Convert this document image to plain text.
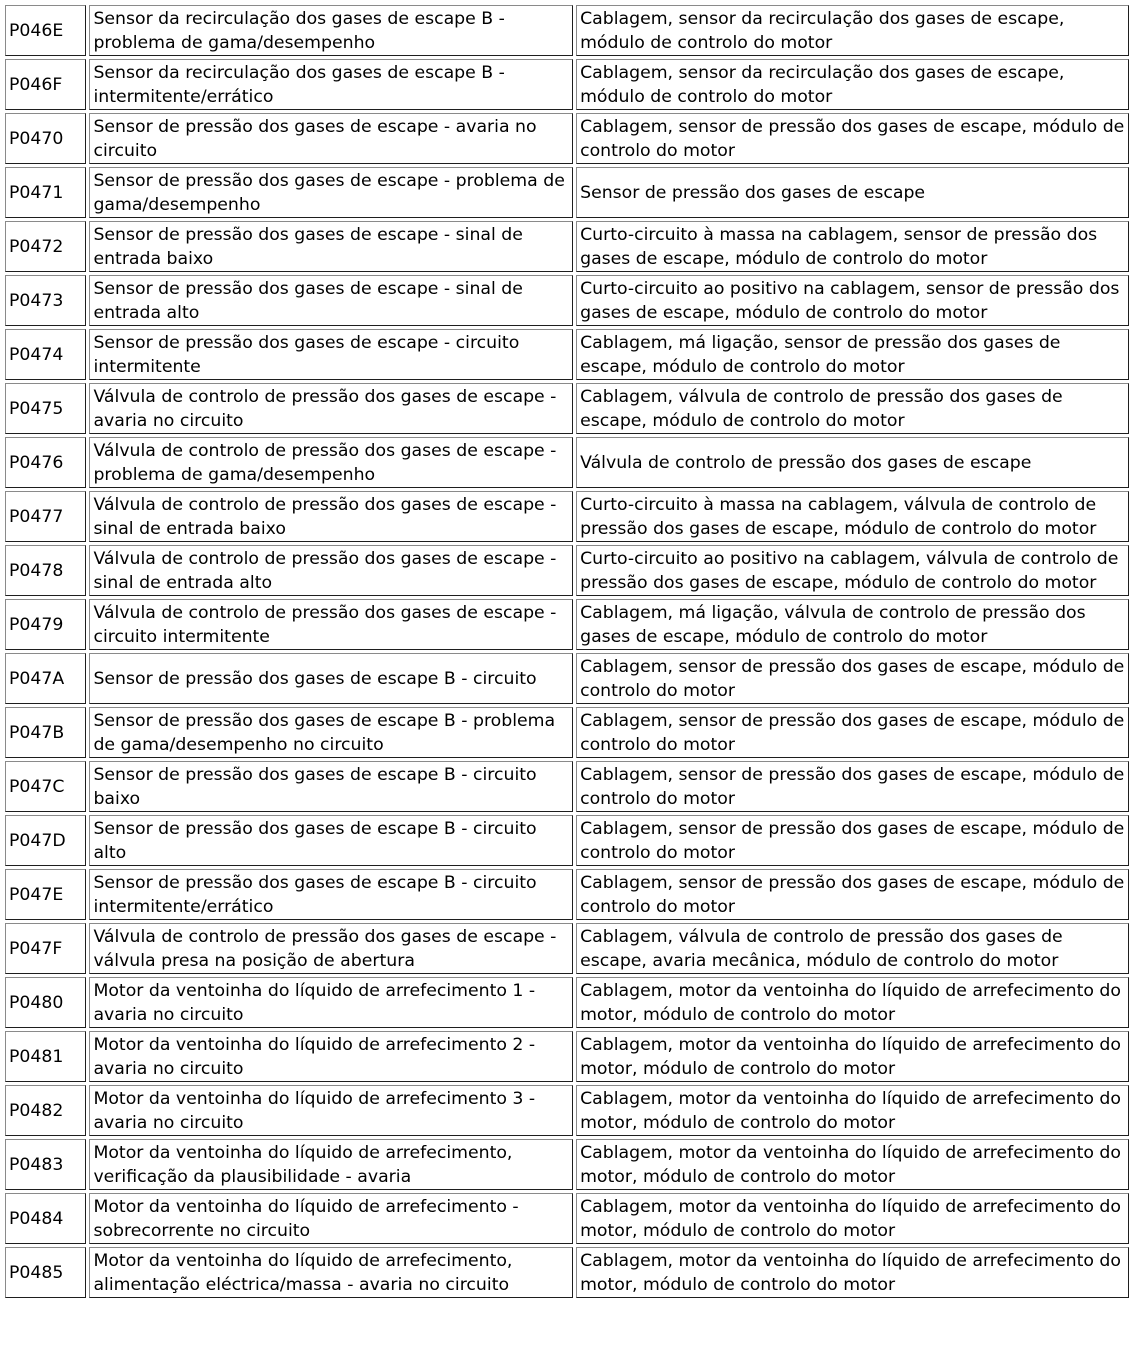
P046E	Sensor da recirculação dos gases de escape B - problema de gama/desempenho	Cablagem, sensor da recirculação dos gases de escape, módulo de controlo do motor
P046F	Sensor da recirculação dos gases de escape B - intermitente/errático	Cablagem, sensor da recirculação dos gases de escape, módulo de controlo do motor
P0470	Sensor de pressão dos gases de escape - avaria no circuito	Cablagem, sensor de pressão dos gases de escape, módulo de controlo do motor
P0471	Sensor de pressão dos gases de escape - problema de gama/desempenho	Sensor de pressão dos gases de escape
P0472	Sensor de pressão dos gases de escape - sinal de entrada baixo	Curto-circuito à massa na cablagem, sensor de pressão dos gases de escape, módulo de controlo do motor
P0473	Sensor de pressão dos gases de escape - sinal de entrada alto	Curto-circuito ao positivo na cablagem, sensor de pressão dos gases de escape, módulo de controlo do motor
P0474	Sensor de pressão dos gases de escape - circuito intermitente	Cablagem, má ligação, sensor de pressão dos gases de escape, módulo de controlo do motor
P0475	Válvula de controlo de pressão dos gases de escape - avaria no circuito	Cablagem, válvula de controlo de pressão dos gases de escape, módulo de controlo do motor
P0476	Válvula de controlo de pressão dos gases de escape - problema de gama/desempenho	Válvula de controlo de pressão dos gases de escape
P0477	Válvula de controlo de pressão dos gases de escape - sinal de entrada baixo	Curto-circuito à massa na cablagem, válvula de controlo de pressão dos gases de escape, módulo de controlo do motor
P0478	Válvula de controlo de pressão dos gases de escape - sinal de entrada alto	Curto-circuito ao positivo na cablagem, válvula de controlo de pressão dos gases de escape, módulo de controlo do motor
P0479	Válvula de controlo de pressão dos gases de escape - circuito intermitente	Cablagem, má ligação, válvula de controlo de pressão dos gases de escape, módulo de controlo do motor
P047A	Sensor de pressão dos gases de escape B - circuito	Cablagem, sensor de pressão dos gases de escape, módulo de controlo do motor
P047B	Sensor de pressão dos gases de escape B - problema de gama/desempenho no circuito	Cablagem, sensor de pressão dos gases de escape, módulo de controlo do motor
P047C	Sensor de pressão dos gases de escape B - circuito baixo	Cablagem, sensor de pressão dos gases de escape, módulo de controlo do motor
P047D	Sensor de pressão dos gases de escape B - circuito alto	Cablagem, sensor de pressão dos gases de escape, módulo de controlo do motor
P047E	Sensor de pressão dos gases de escape B - circuito intermitente/errático	Cablagem, sensor de pressão dos gases de escape, módulo de controlo do motor
P047F	Válvula de controlo de pressão dos gases de escape - válvula presa na posição de abertura	Cablagem, válvula de controlo de pressão dos gases de escape, avaria mecânica, módulo de controlo do motor
P0480	Motor da ventoinha do líquido de arrefecimento 1 - avaria no circuito	Cablagem, motor da ventoinha do líquido de arrefecimento do motor, módulo de controlo do motor
P0481	Motor da ventoinha do líquido de arrefecimento 2 - avaria no circuito	Cablagem, motor da ventoinha do líquido de arrefecimento do motor, módulo de controlo do motor
P0482	Motor da ventoinha do líquido de arrefecimento 3 - avaria no circuito	Cablagem, motor da ventoinha do líquido de arrefecimento do motor, módulo de controlo do motor
P0483	Motor da ventoinha do líquido de arrefecimento, verificação da plausibilidade - avaria	Cablagem, motor da ventoinha do líquido de arrefecimento do motor, módulo de controlo do motor
P0484	Motor da ventoinha do líquido de arrefecimento - sobrecorrente no circuito	Cablagem, motor da ventoinha do líquido de arrefecimento do motor, módulo de controlo do motor
P0485	Motor da ventoinha do líquido de arrefecimento, alimentação eléctrica/massa - avaria no circuito	Cablagem, motor da ventoinha do líquido de arrefecimento do motor, módulo de controlo do motor
